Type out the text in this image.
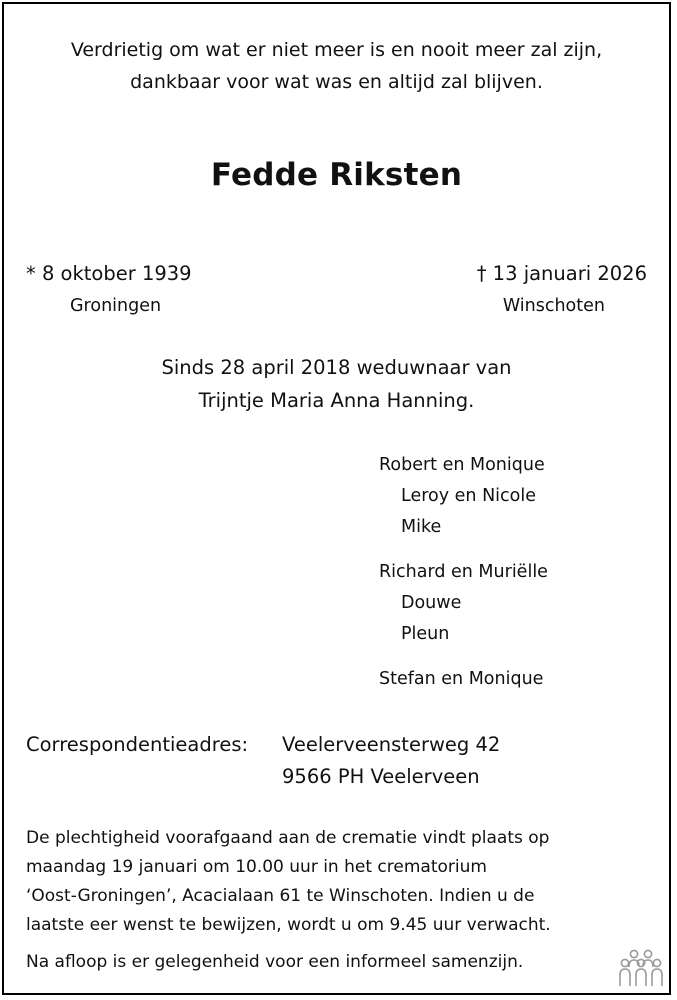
Verdrietig om wat er niet meer is en nooit meer zal zijn,
dankbaar voor wat was en altijd zal blijven.
Fedde Riksten
* 8 oktober 1939
Groningen
† 13 januari 2026
Winschoten
Sinds 28 april 2018 weduwnaar van
Trijntje Maria Anna Hanning.
Robert en Monique
Leroy en Nicole
Mike
Richard en Muriëlle
Douwe
Pleun
Stefan en Monique
Correspondentieadres: Veelerveensterweg 42
9566 PH Veelerveen
De plechtigheid voorafgaand aan de crematie vindt plaats op
maandag 19 januari om 10.00 uur in het crematorium
‘Oost-Groningen’, Acacialaan 61 te Winschoten. Indien u de
laatste eer wenst te bewijzen, wordt u om 9.45 uur verwacht.
Na afloop is er gelegenheid voor een informeel samenzijn.
